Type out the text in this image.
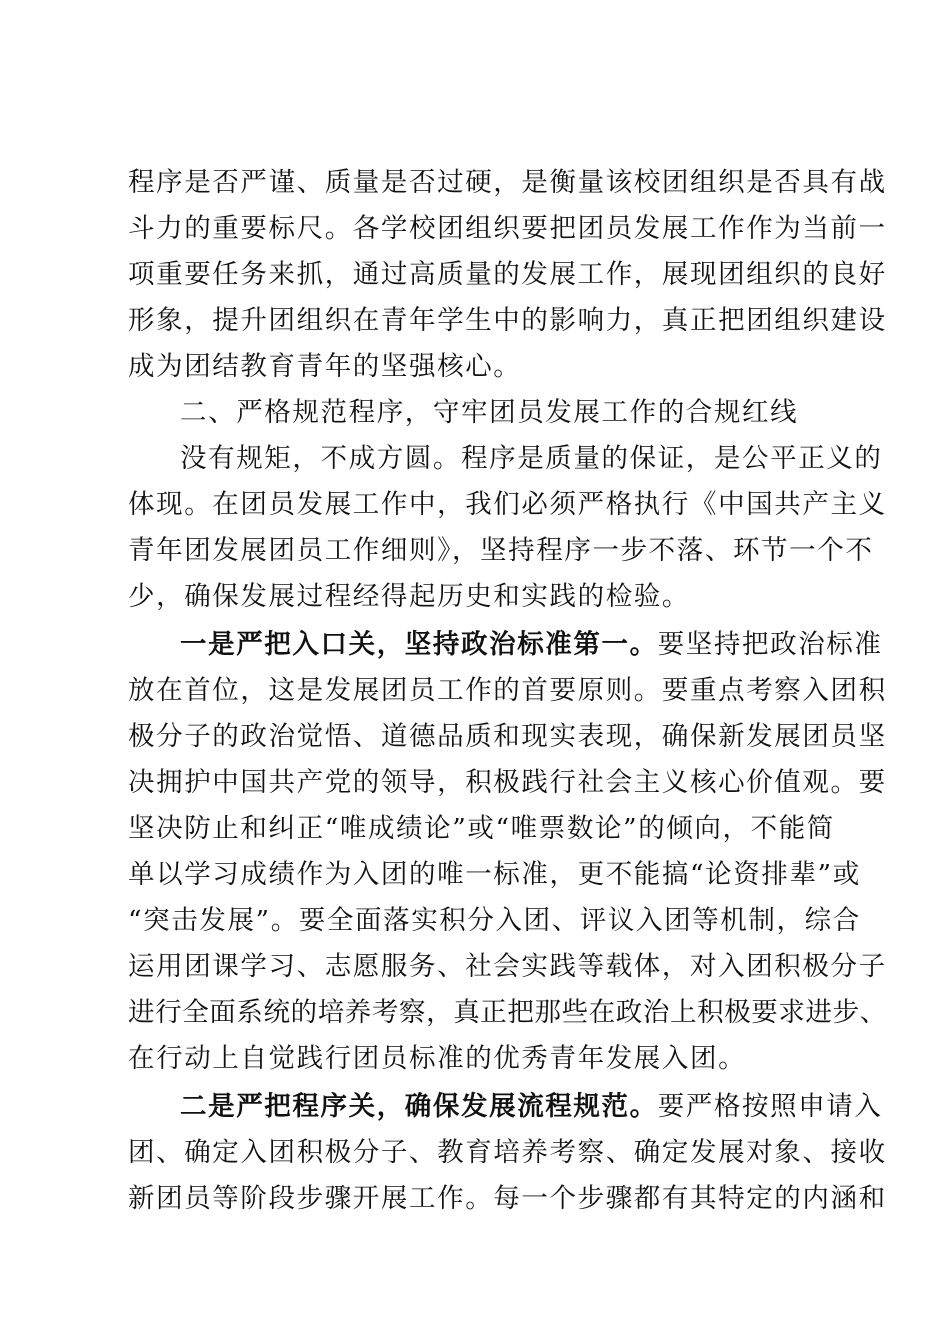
程序是否严谨、质量是否过硬，是衡量该校团组织是否具有战
斗力的重要标尺。各学校团组织要把团员发展工作作为当前一
项重要任务来抓，通过高质量的发展工作，展现团组织的良好
形象，提升团组织在青年学生中的影响力，真正把团组织建设
成为团结教育青年的坚强核心。
二、严格规范程序，守牢团员发展工作的合规红线
没有规矩，不成方圆。程序是质量的保证，是公平正义的
体现。在团员发展工作中，我们必须严格执行《中国共产主义
青年团发展团员工作细则》，坚持程序一步不落、环节一个不
少，确保发展过程经得起历史和实践的检验。
一是严把入口关，坚持政治标准第一。要坚持把政治标准
放在首位，这是发展团员工作的首要原则。要重点考察入团积
极分子的政治觉悟、道德品质和现实表现，确保新发展团员坚
决拥护中国共产党的领导，积极践行社会主义核心价值观。要
坚决防止和纠正“唯成绩论”或“唯票数论”的倾向，不能简
单以学习成绩作为入团的唯一标准，更不能搞“论资排辈”或
“突击发展”。要全面落实积分入团、评议入团等机制，综合
运用团课学习、志愿服务、社会实践等载体，对入团积极分子
进行全面系统的培养考察，真正把那些在政治上积极要求进步、
在行动上自觉践行团员标准的优秀青年发展入团。
二是严把程序关，确保发展流程规范。要严格按照申请入
团、确定入团积极分子、教育培养考察、确定发展对象、接收
新团员等阶段步骤开展工作。每一个步骤都有其特定的内涵和
